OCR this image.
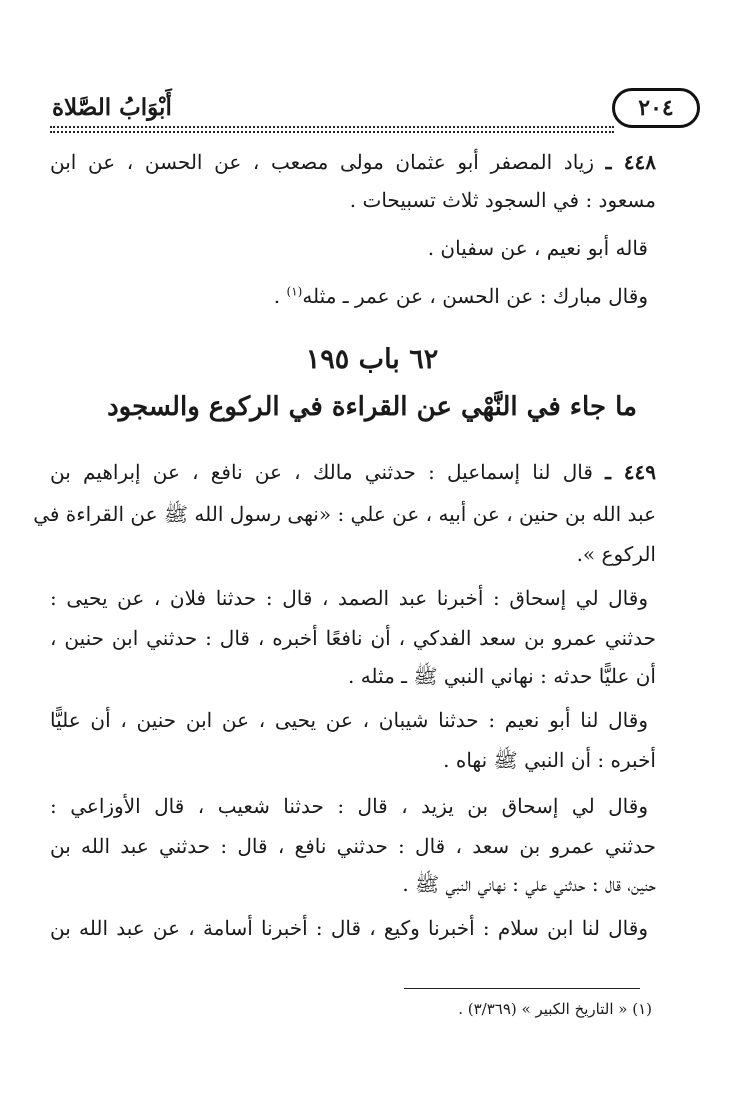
أَبْوَابُ الصَّلاة	٢٠٤
٤٤٨ ـ زياد المصفر أبو عثمان مولى مصعب ، عن الحسن ، عن ابن
مسعود : في السجود ثلاث تسبيحات .
قاله أبو نعيم ، عن سفيان .
وقال مبارك : عن الحسن ، عن عمر ـ مثله$^{(١)}$ .
٦٢ باب ١٩٥
ما جاء في النَّهْي عن القراءة في الركوع والسجود
٤٤٩ ـ قال لنا إسماعيل : حدثني مالك ، عن نافع ، عن إبراهيم بن
عبد الله بن حنين ، عن أبيه ، عن علي : «نهى رسول الله ﷺ عن القراءة في
الركوع ».
وقال لي إسحاق : أخبرنا عبد الصمد ، قال : حدثنا فلان ، عن يحيى :
حدثني عمرو بن سعد الفدكي ، أن نافعًا أخبره ، قال : حدثني ابن حنين ،
أن عليًّا حدثه : نهاني النبي ﷺ ـ مثله .
وقال لنا أبو نعيم : حدثنا شيبان ، عن يحيى ، عن ابن حنين ، أن عليًّا
أخبره : أن النبي ﷺ نهاه .
وقال لي إسحاق بن يزيد ، قال : حدثنا شعيب ، قال الأوزاعي :
حدثني عمرو بن سعد ، قال : حدثني نافع ، قال : حدثني عبد الله بن
حنين، قال : حدثني علي : نهاني النبي ﷺ .
وقال لنا ابن سلام : أخبرنا وكيع ، قال : أخبرنا أسامة ، عن عبد الله بن
(١) « التاريخ الكبير » (٣/٣٦٩) .
